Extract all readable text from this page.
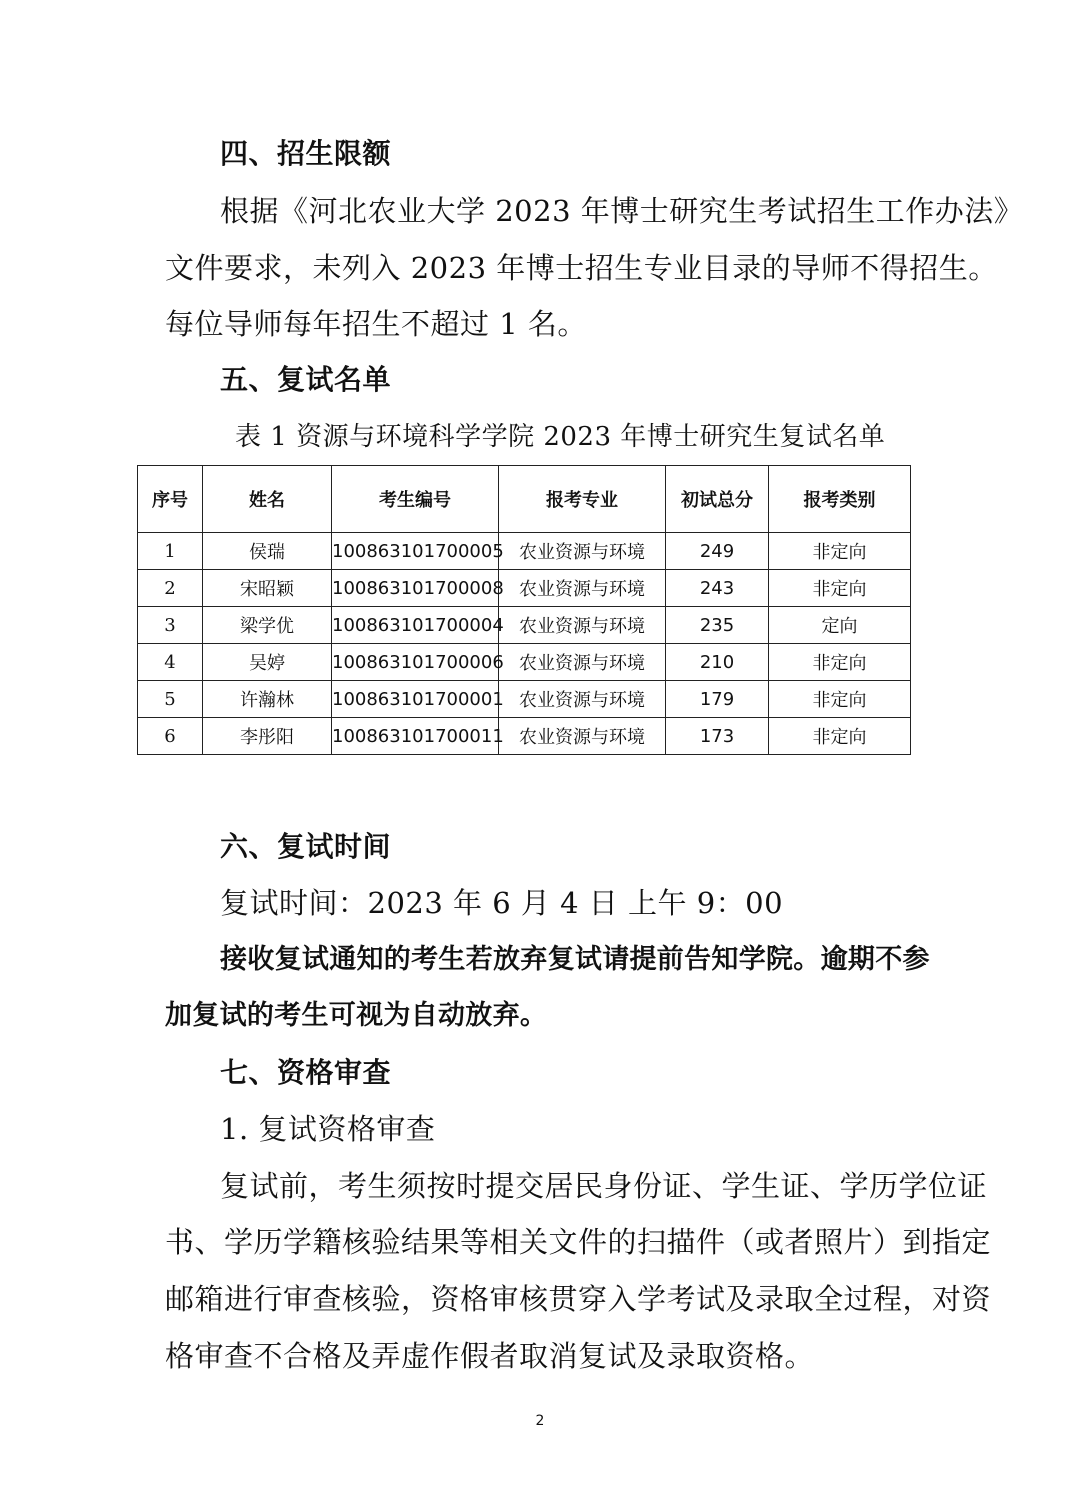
四、招生限额
根据《河北农业大学 2023 年博士研究生考试招生工作办法》
文件要求，未列入 2023 年博士招生专业目录的导师不得招生。
每位导师每年招生不超过 1 名。
五、复试名单
表 1 资源与环境科学学院 2023 年博士研究生复试名单
序号	姓名	考生编号	报考专业	初试总分	报考类别
1	侯瑞	100863101700005	农业资源与环境	249	非定向
2	宋昭颖	100863101700008	农业资源与环境	243	非定向
3	梁学优	100863101700004	农业资源与环境	235	定向
4	吴婷	100863101700006	农业资源与环境	210	非定向
5	许瀚林	100863101700001	农业资源与环境	179	非定向
6	李彤阳	100863101700011	农业资源与环境	173	非定向
六、复试时间
复试时间：2023 年 6 月 4 日 上午 9：00
接收复试通知的考生若放弃复试请提前告知学院。逾期不参
加复试的考生可视为自动放弃。
七、资格审查
1. 复试资格审查
复试前，考生须按时提交居民身份证、学生证、学历学位证
书、学历学籍核验结果等相关文件的扫描件（或者照片）到指定
邮箱进行审查核验，资格审核贯穿入学考试及录取全过程，对资
格审查不合格及弄虚作假者取消复试及录取资格。
2
